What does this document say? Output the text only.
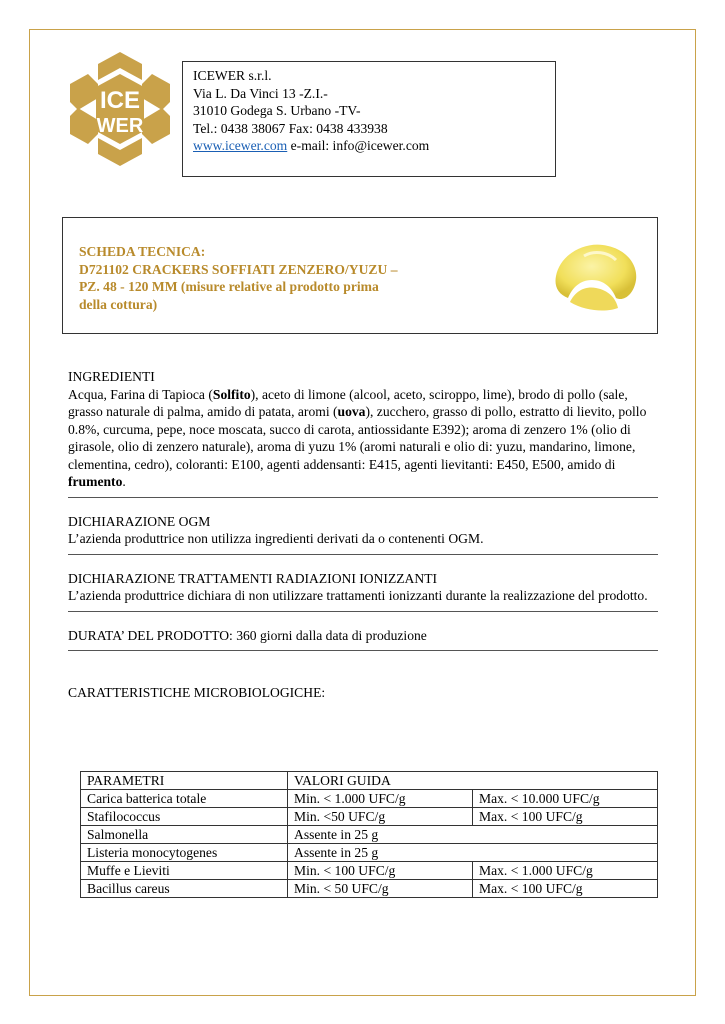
ICE
WER
ICEWER s.r.l.
Via L. Da Vinci 13 -Z.I.-
31010 Godega S. Urbano -TV-
Tel.: 0438 38067 Fax: 0438 433938
www.icewer.com e-mail: info@icewer.com
SCHEDA TECNICA:
D721102 CRACKERS SOFFIATI ZENZERO/YUZU –
PZ. 48 - 120 MM (misure relative al prodotto prima
della cottura)
INGREDIENTI
Acqua, Farina di Tapioca (Solfito), aceto di limone (alcool, aceto, sciroppo, lime), brodo di pollo (sale, grasso naturale di palma, amido di patata, aromi (uova), zucchero, grasso di pollo, estratto di lievito, pollo 0.8%, curcuma, pepe, noce moscata, succo di carota, antiossidante E392); aroma di zenzero 1% (olio di girasole, olio di zenzero naturale), aroma di yuzu 1% (aromi naturali e olio di: yuzu, mandarino, limone, clementina, cedro), coloranti: E100, agenti addensanti: E415, agenti lievitanti: E450, E500, amido di frumento.
DICHIARAZIONE OGM
L’azienda produttrice non utilizza ingredienti derivati da o contenenti OGM.
DICHIARAZIONE TRATTAMENTI RADIAZIONI IONIZZANTI
L’azienda produttrice dichiara di non utilizzare trattamenti ionizzanti durante la realizzazione del prodotto.
DURATA’ DEL PRODOTTO: 360 giorni dalla data di produzione
CARATTERISTICHE MICROBIOLOGICHE:
PARAMETRI	VALORI GUIDA	
Carica batterica totale	Min. < 1.000 UFC/g	Max. < 10.000 UFC/g
Stafilococcus	Min. <50 UFC/g	Max. < 100 UFC/g
Salmonella	Assente in 25 g	
Listeria monocytogenes	Assente in 25 g	
Muffe e Lieviti	Min. < 100 UFC/g	Max. < 1.000 UFC/g
Bacillus careus	Min. < 50 UFC/g	Max. < 100 UFC/g
